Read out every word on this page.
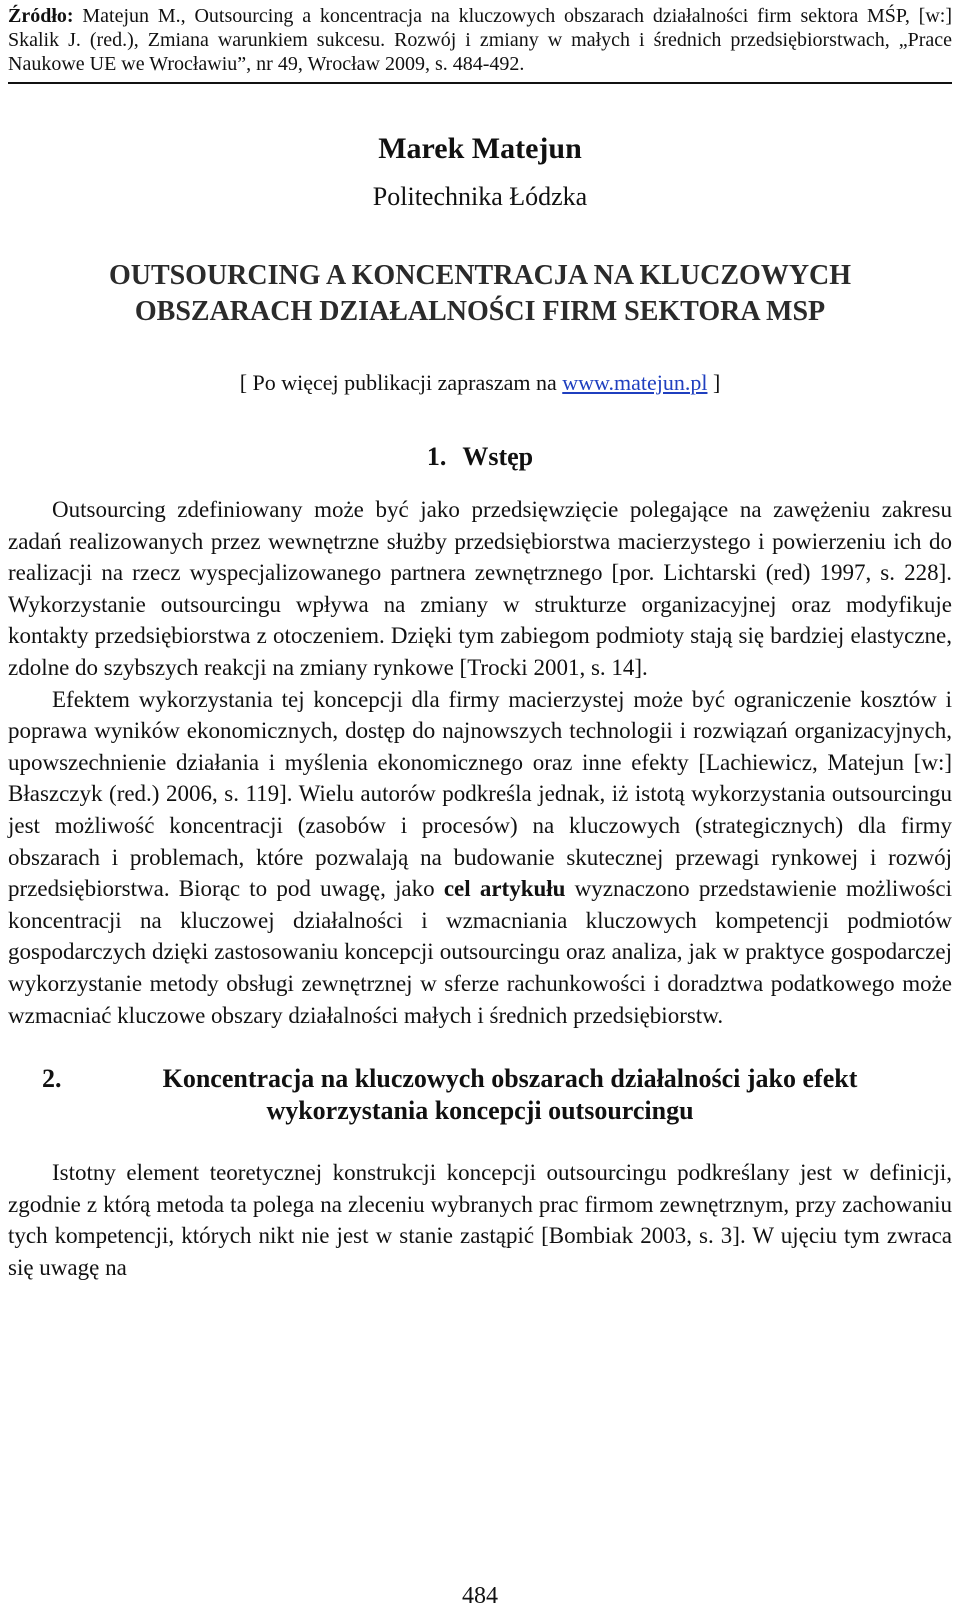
Źródło: Matejun M., Outsourcing a koncentracja na kluczowych obszarach działalności firm sektora MŚP, [w:] Skalik J. (red.), Zmiana warunkiem sukcesu. Rozwój i zmiany w małych i średnich przedsiębiorstwach, „Prace Naukowe UE we Wrocławiu”, nr 49, Wrocław 2009, s. 484-492.

Marek Matejun
Politechnika Łódzka
OUTSOURCING A KONCENTRACJA NA KLUCZOWYCH
OBSZARACH DZIAŁALNOŚCI FIRM SEKTORA MSP
[ Po więcej publikacji zapraszam na www.matejun.pl ]
1. Wstęp

Outsourcing zdefiniowany może być jako przedsięwzięcie polegające na zawężeniu zakresu zadań realizowanych przez wewnętrzne służby przedsiębiorstwa macierzystego i powierzeniu ich do realizacji na rzecz wyspecjalizowanego partnera zewnętrznego [por. Lichtarski (red) 1997, s. 228]. Wykorzystanie outsourcingu wpływa na zmiany w strukturze organizacyjnej oraz modyfikuje kontakty przedsiębiorstwa z otoczeniem. Dzięki tym zabiegom podmioty stają się bardziej elastyczne, zdolne do szybszych reakcji na zmiany rynkowe [Trocki 2001, s. 14].

Efektem wykorzystania tej koncepcji dla firmy macierzystej może być ograniczenie kosztów i poprawa wyników ekonomicznych, dostęp do najnowszych technologii i rozwiązań organizacyjnych, upowszechnienie działania i myślenia ekonomicznego oraz inne efekty [Lachiewicz, Matejun [w:] Błaszczyk (red.) 2006, s. 119]. Wielu autorów podkreśla jednak, iż istotą wykorzystania outsourcingu jest możliwość koncentracji (zasobów i procesów) na kluczowych (strategicznych) dla firmy obszarach i problemach, które pozwalają na budowanie skutecznej przewagi rynkowej i rozwój przedsiębiorstwa. Biorąc to pod uwagę, jako cel artykułu wyznaczono przedstawienie możliwości koncentracji na kluczowej działalności i wzmacniania kluczowych kompetencji podmiotów gospodarczych dzięki zastosowaniu koncepcji outsourcingu oraz analiza, jak w praktyce gospodarczej wykorzystanie metody obsługi zewnętrznej w sferze rachunkowości i doradztwa podatkowego może wzmacniać kluczowe obszary działalności małych i średnich przedsiębiorstw.

2.	Koncentracja na kluczowych obszarach działalności jako efekt
wykorzystania koncepcji outsourcingu

Istotny element teoretycznej konstrukcji koncepcji outsourcingu podkreślany jest w definicji, zgodnie z którą metoda ta polega na zleceniu wybranych prac firmom zewnętrznym, przy zachowaniu tych kompetencji, których nikt nie jest w stanie zastąpić [Bombiak 2003, s. 3]. W ujęciu tym zwraca się uwagę na

484
